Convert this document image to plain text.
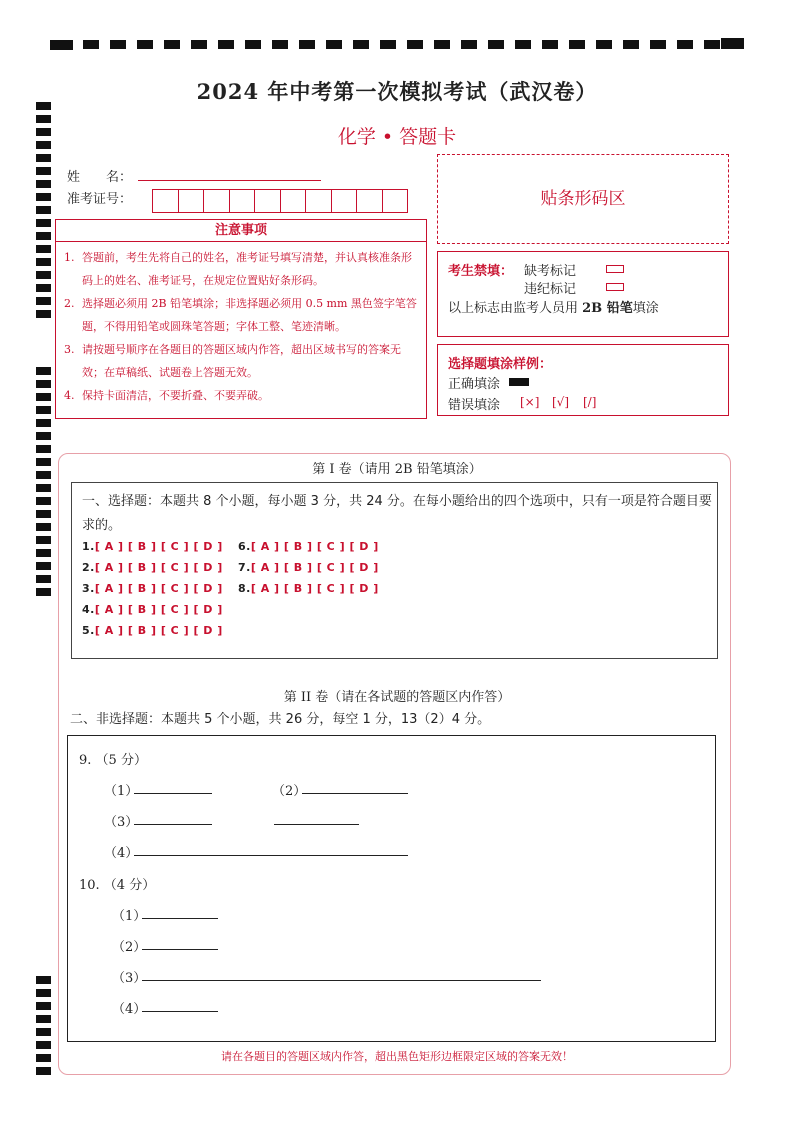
2024 年中考第一次模拟考试（武汉卷）
化学 • 答题卡
姓　　名：
准考证号：
注意事项
1. 答题前，考生先将自己的姓名，准考证号填写清楚，并认真核准条形码上的姓名、准考证号，在规定位置贴好条形码。
2. 选择题必须用 2B 铅笔填涂；非选择题必须用 0.5 mm 黑色签字笔答题，不得用铅笔或圆珠笔答题；字体工整、笔迹清晰。
3. 请按题号顺序在各题目的答题区域内作答，超出区域书写的答案无效；在草稿纸、试题卷上答题无效。
4. 保持卡面清洁，不要折叠、不要弄破。
贴条形码区
考生禁填： 缺考标记
违纪标记
以上标志由监考人员用 2B 铅笔填涂
选择题填涂样例：
正确填涂
错误填涂 [×] [√] [/]
第 I 卷（请用 2B 铅笔填涂）
一、选择题：本题共 8 个小题，每小题 3 分，共 24 分。在每小题给出的四个选项中，只有一项是符合题目要求的。
1.[ A ] [ B ] [ C ] [ D ]
2.[ A ] [ B ] [ C ] [ D ]
3.[ A ] [ B ] [ C ] [ D ]
4.[ A ] [ B ] [ C ] [ D ]
5.[ A ] [ B ] [ C ] [ D ]
6.[ A ] [ B ] [ C ] [ D ]
7.[ A ] [ B ] [ C ] [ D ]
8.[ A ] [ B ] [ C ] [ D ]
第 II 卷（请在各试题的答题区内作答）
二、非选择题：本题共 5 个小题，共 26 分，每空 1 分，13（2）4 分。
9. （5 分）
（1）	（2）
（3）
（4）
10. （4 分）
（1）
（2）
（3）
（4）
请在各题目的答题区域内作答，超出黑色矩形边框限定区域的答案无效！
